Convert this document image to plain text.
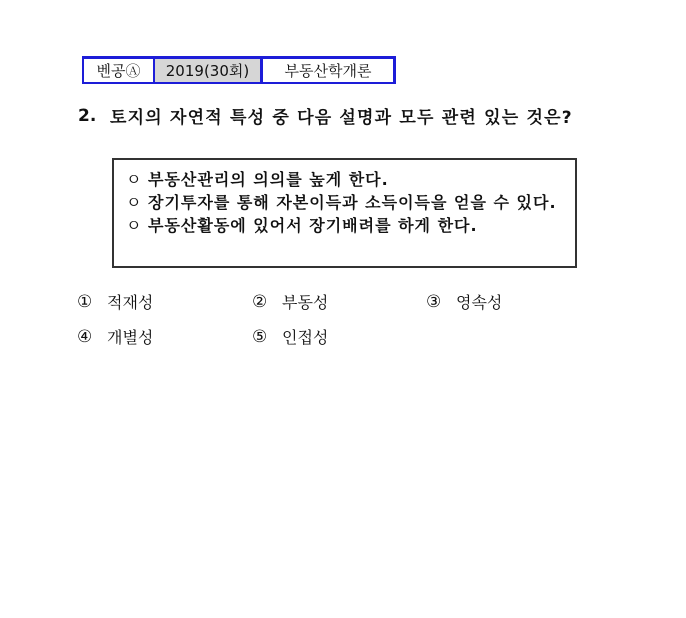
벤공Ⓐ	2019(30회)	부동산학개론
2. 토지의 자연적 특성 중 다음 설명과 모두 관련 있는 것은?
ㅇ 부동산관리의 의의를 높게 한다.
ㅇ 장기투자를 통해 자본이득과 소득이득을 얻을 수 있다.
ㅇ 부동산활동에 있어서 장기배려를 하게 한다.
① 적재성	② 부동성	③ 영속성
④ 개별성	⑤ 인접성
